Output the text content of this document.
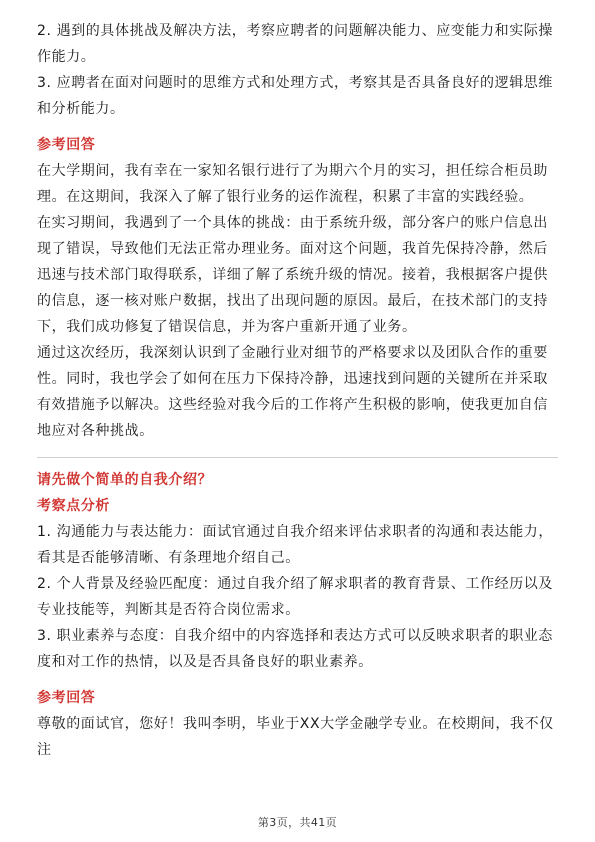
2. 遇到的具体挑战及解决方法，考察应聘者的问题解决能力、应变能力和实际操作能力。

3. 应聘者在面对问题时的思维方式和处理方式，考察其是否具备良好的逻辑思维和分析能力。

参考回答

在大学期间，我有幸在一家知名银行进行了为期六个月的实习，担任综合柜员助理。在这期间，我深入了解了银行业务的运作流程，积累了丰富的实践经验。

在实习期间，我遇到了一个具体的挑战：由于系统升级，部分客户的账户信息出现了错误，导致他们无法正常办理业务。面对这个问题，我首先保持冷静，然后迅速与技术部门取得联系，详细了解了系统升级的情况。接着，我根据客户提供的信息，逐一核对账户数据，找出了出现问题的原因。最后，在技术部门的支持下，我们成功修复了错误信息，并为客户重新开通了业务。

通过这次经历，我深刻认识到了金融行业对细节的严格要求以及团队合作的重要性。同时，我也学会了如何在压力下保持冷静，迅速找到问题的关键所在并采取有效措施予以解决。这些经验对我今后的工作将产生积极的影响，使我更加自信地应对各种挑战。

请先做个简单的自我介绍？

考察点分析

1. 沟通能力与表达能力：面试官通过自我介绍来评估求职者的沟通和表达能力，看其是否能够清晰、有条理地介绍自己。

2. 个人背景及经验匹配度：通过自我介绍了解求职者的教育背景、工作经历以及专业技能等，判断其是否符合岗位需求。

3. 职业素养与态度：自我介绍中的内容选择和表达方式可以反映求职者的职业态度和对工作的热情，以及是否具备良好的职业素养。

参考回答

尊敬的面试官，您好！我叫李明，毕业于XX大学金融学专业。在校期间，我不仅注

第3页，共41页
